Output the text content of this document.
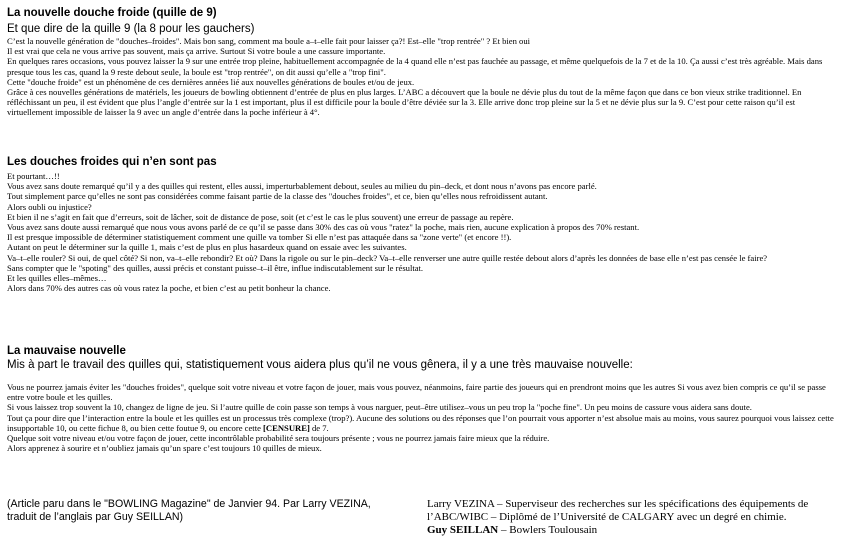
La nouvelle douche froide (quille de 9)

Et que dire de la quille 9 (la 8 pour les gauchers)

C’est la nouvelle génération de "douches–froides". Mais bon sang, comment ma boule a–t–elle fait pour laisser ça?! Est–elle "trop rentrée" ? Et bien oui

Il est vrai que cela ne vous arrive pas souvent, mais ça arrive. Surtout Si votre boule a une cassure importante.

En quelques rares occasions, vous pouvez laisser la 9 sur une entrée trop pleine, habituellement accompagnée de la 4 quand elle n’est pas fauchée au passage, et même quelquefois de la 7 et de la 10. Ça aussi c’est très agréable. Mais dans presque tous les cas, quand la 9 reste debout seule, la boule est "trop rentrée", on dit aussi qu’elle a "trop fini".

Cette "douche froide" est un phénomène de ces dernières années lié aux nouvelles générations de boules et/ou de jeux.

Grâce à ces nouvelles générations de matériels, les joueurs de bowling obtiennent d’entrée de plus en plus larges. L’ABC a découvert que la boule ne dévie plus du tout de la même façon que dans ce bon vieux strike traditionnel. En réfléchissant un peu, il est évident que plus l’angle d’entrée sur la 1 est important, plus il est difficile pour la boule d’être déviée sur la 3. Elle arrive donc trop pleine sur la 5 et ne dévie plus sur la 9. C’est pour cette raison qu’il est virtuellement impossible de laisser la 9 avec un angle d’entrée dans la poche inférieur à 4°.

Les douches froides qui n’en sont pas

Et pourtant…!!

Vous avez sans doute remarqué qu’il y a des quilles qui restent, elles aussi, imperturbablement debout, seules au milieu du pin–deck, et dont nous n’avons pas encore parlé.

Tout simplement parce qu’elles ne sont pas considérées comme faisant partie de la classe des "douches froides", et ce, bien qu’elles nous refroidissent autant.

Alors oubli ou injustice?

Et bien il ne s’agit en fait que d’erreurs, soit de lâcher, soit de distance de pose, soit (et c’est le cas le plus souvent) une erreur de passage au repère.

Vous avez sans doute aussi remarqué que nous vous avons parlé de ce qu’il se passe dans 30% des cas où vous "ratez" la poche, mais rien, aucune explication à propos des 70% restant.

Il est presque impossible de déterminer statistiquement comment une quille va tomber Si elle n’est pas attaquée dans sa "zone verte" (et encore !!).

Autant on peut le déterminer sur la quille 1, mais c’est de plus en plus hasardeux quand on essaie avec les suivantes.

Va–t–elle rouler? Si oui, de quel côté? Si non, va–t–elle rebondir? Et où? Dans la rigole ou sur le pin–deck? Va–t–elle renverser une autre quille restée debout alors d’après les données de base elle n’est pas censée le faire?

Sans compter que le "spoting" des quilles, aussi précis et constant puisse–t–il être, influe indiscutablement sur le résultat.

Et les quilles elles–mêmes…

Alors dans 70% des autres cas où vous ratez la poche, et bien c’est au petit bonheur la chance.

La mauvaise nouvelle

Mis à part le travail des quilles qui, statistiquement vous aidera plus qu’il ne vous gênera, il y a une très mauvaise nouvelle:

Vous ne pourrez jamais éviter les "douches froides", quelque soit votre niveau et votre façon de jouer, mais vous pouvez, néanmoins, faire partie des joueurs qui en prendront moins que les autres Si vous avez bien compris ce qu’il se passe entre votre boule et les quilles.

Si vous laissez trop souvent la 10, changez de ligne de jeu. Si l’autre quille de coin passe son temps à vous narguer, peut–être utilisez–vous un peu trop la "poche fine". Un peu moins de cassure vous aidera sans doute.

Tout ça pour dire que l’interaction entre la boule et les quilles est un processus très complexe (trop?). Aucune des solutions ou des réponses que l’on pourrait vous apporter n’est absolue mais au moins, vous saurez pourquoi vous laissez cette insupportable 10, ou cette fichue 8, ou bien cette foutue 9, ou encore cette [CENSURE] de 7.

Quelque soit votre niveau et/ou votre façon de jouer, cette incontrôlable probabilité sera toujours présente ; vous ne pourrez jamais faire mieux que la réduire.

Alors apprenez à sourire et n’oubliez jamais qu’un spare c’est toujours 10 quilles de mieux.

(Article paru dans le "BOWLING Magazine" de Janvier 94. Par Larry VEZINA, traduit de l’anglais par Guy SEILLAN)
Larry VEZINA – Superviseur des recherches sur les spécifications des équipements de l’ABC/WIBC – Diplômé de l’Université de CALGARY avec un degré en chimie.
Guy SEILLAN – Bowlers Toulousain
